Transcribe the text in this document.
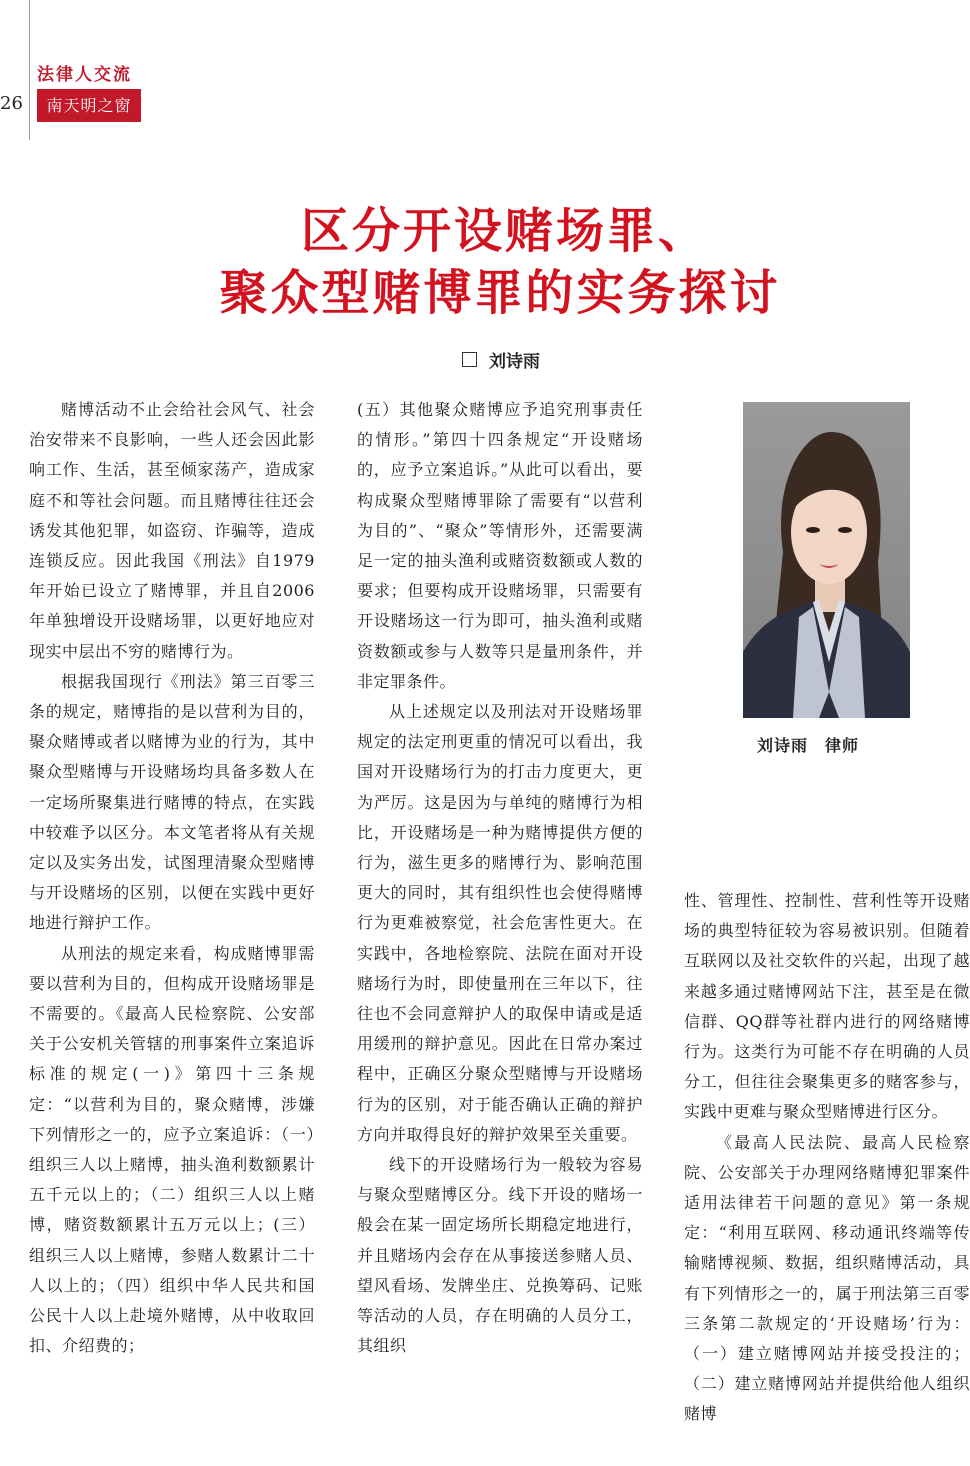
26
法律人交流
南天明之窗
区分开设赌场罪、
聚众型赌博罪的实务探讨
刘诗雨

赌博活动不止会给社会风气、社会治安带来不良影响，一些人还会因此影响工作、生活，甚至倾家荡产，造成家庭不和等社会问题。而且赌博往往还会诱发其他犯罪，如盗窃、诈骗等，造成连锁反应。因此我国《刑法》自1979年开始已设立了赌博罪，并且自2006年单独增设开设赌场罪，以更好地应对现实中层出不穷的赌博行为。

根据我国现行《刑法》第三百零三条的规定，赌博指的是以营利为目的，聚众赌博或者以赌博为业的行为，其中聚众型赌博与开设赌场均具备多数人在一定场所聚集进行赌博的特点，在实践中较难予以区分。本文笔者将从有关规定以及实务出发，试图理清聚众型赌博与开设赌场的区别，以便在实践中更好地进行辩护工作。

从刑法的规定来看，构成赌博罪需要以营利为目的，但构成开设赌场罪是不需要的。《最高人民检察院、公安部关于公安机关管辖的刑事案件立案追诉标准的规定(一)》第四十三条规定：“以营利为目的，聚众赌博，涉嫌下列情形之一的，应予立案追诉：（一）组织三人以上赌博，抽头渔利数额累计五千元以上的；（二）组织三人以上赌博，赌资数额累计五万元以上；(三）组织三人以上赌博，参赌人数累计二十人以上的；（四）组织中华人民共和国公民十人以上赴境外赌博，从中收取回扣、介绍费的；

(五）其他聚众赌博应予追究刑事责任的情形。”第四十四条规定“开设赌场的，应予立案追诉。”从此可以看出，要构成聚众型赌博罪除了需要有“以营利为目的”、“聚众”等情形外，还需要满足一定的抽头渔利或赌资数额或人数的要求；但要构成开设赌场罪，只需要有开设赌场这一行为即可，抽头渔利或赌资数额或参与人数等只是量刑条件，并非定罪条件。

从上述规定以及刑法对开设赌场罪规定的法定刑更重的情况可以看出，我国对开设赌场行为的打击力度更大，更为严厉。这是因为与单纯的赌博行为相比，开设赌场是一种为赌博提供方便的行为，滋生更多的赌博行为、影响范围更大的同时，其有组织性也会使得赌博行为更难被察觉，社会危害性更大。在实践中，各地检察院、法院在面对开设赌场行为时，即使量刑在三年以下，往往也不会同意辩护人的取保申请或是适用缓刑的辩护意见。因此在日常办案过程中，正确区分聚众型赌博与开设赌场行为的区别，对于能否确认正确的辩护方向并取得良好的辩护效果至关重要。

线下的开设赌场行为一般较为容易与聚众型赌博区分。线下开设的赌场一般会在某一固定场所长期稳定地进行，并且赌场内会存在从事接送参赌人员、望风看场、发牌坐庄、兑换筹码、记账等活动的人员，存在明确的人员分工，其组织

刘诗雨　律师

性、管理性、控制性、营利性等开设赌场的典型特征较为容易被识别。但随着互联网以及社交软件的兴起，出现了越来越多通过赌博网站下注，甚至是在微信群、QQ群等社群内进行的网络赌博行为。这类行为可能不存在明确的人员分工，但往往会聚集更多的赌客参与，实践中更难与聚众型赌博进行区分。

《最高人民法院、最高人民检察院、公安部关于办理网络赌博犯罪案件适用法律若干问题的意见》第一条规定：“利用互联网、移动通讯终端等传输赌博视频、数据，组织赌博活动，具有下列情形之一的，属于刑法第三百零三条第二款规定的‘开设赌场’行为：（一）建立赌博网站并接受投注的；（二）建立赌博网站并提供给他人组织赌博
